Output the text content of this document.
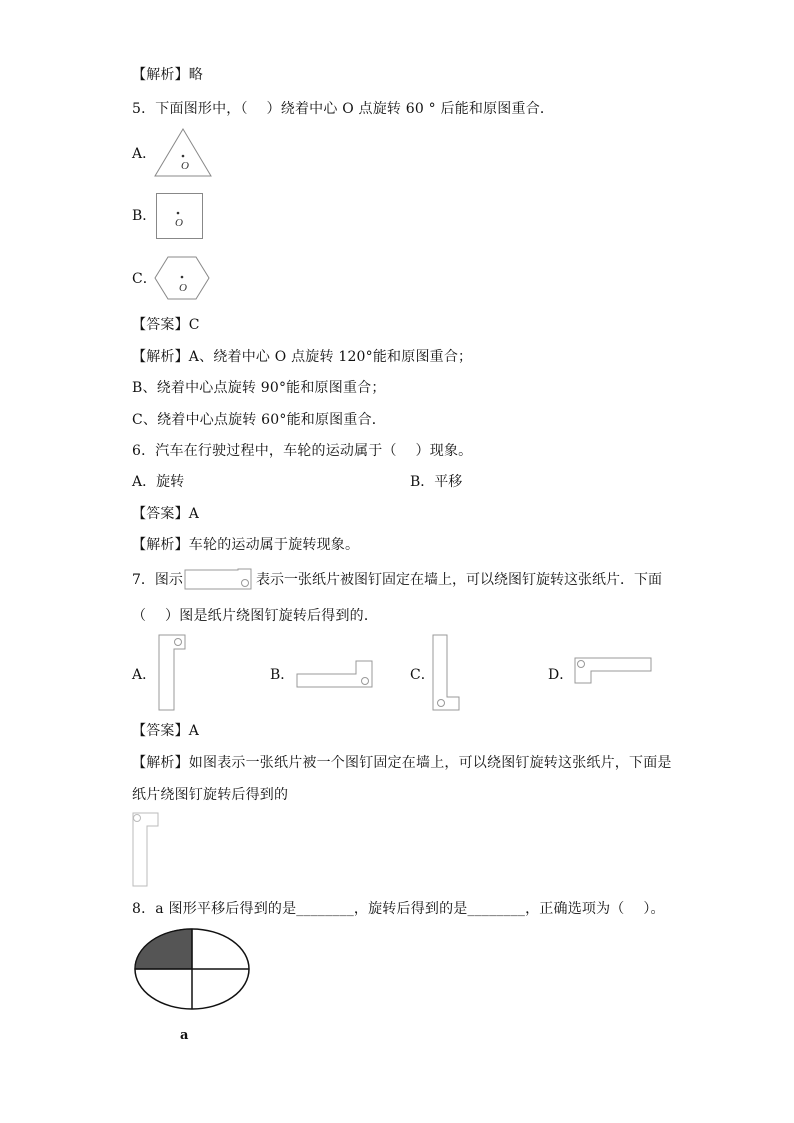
【解析】略
5．下面图形中，（　 ）绕着中心 O 点旋转 60 ° 后能和原图重合．
A．
O
B． O
C．
O
【答案】C
【解析】A、绕着中心 O 点旋转 120°能和原图重合；
B、绕着中心点旋转 90°能和原图重合；
C、绕着中心点旋转 60°能和原图重合．
6．汽车在行驶过程中，车轮的运动属于（　 ）现象。
A．旋转	B．平移
【答案】A
【解析】车轮的运动属于旋转现象。
7．图示	表示一张纸片被图钉固定在墙上，可以绕图钉旋转这张纸片．下面
（　 ）图是纸片绕图钉旋转后得到的．
A．	B．	C．	D．
【答案】A
【解析】如图表示一张纸片被一个图钉固定在墙上，可以绕图钉旋转这张纸片，下面是
纸片绕图钉旋转后得到的
8．a 图形平移后得到的是________，旋转后得到的是________，正确选项为（　 ）。
a
